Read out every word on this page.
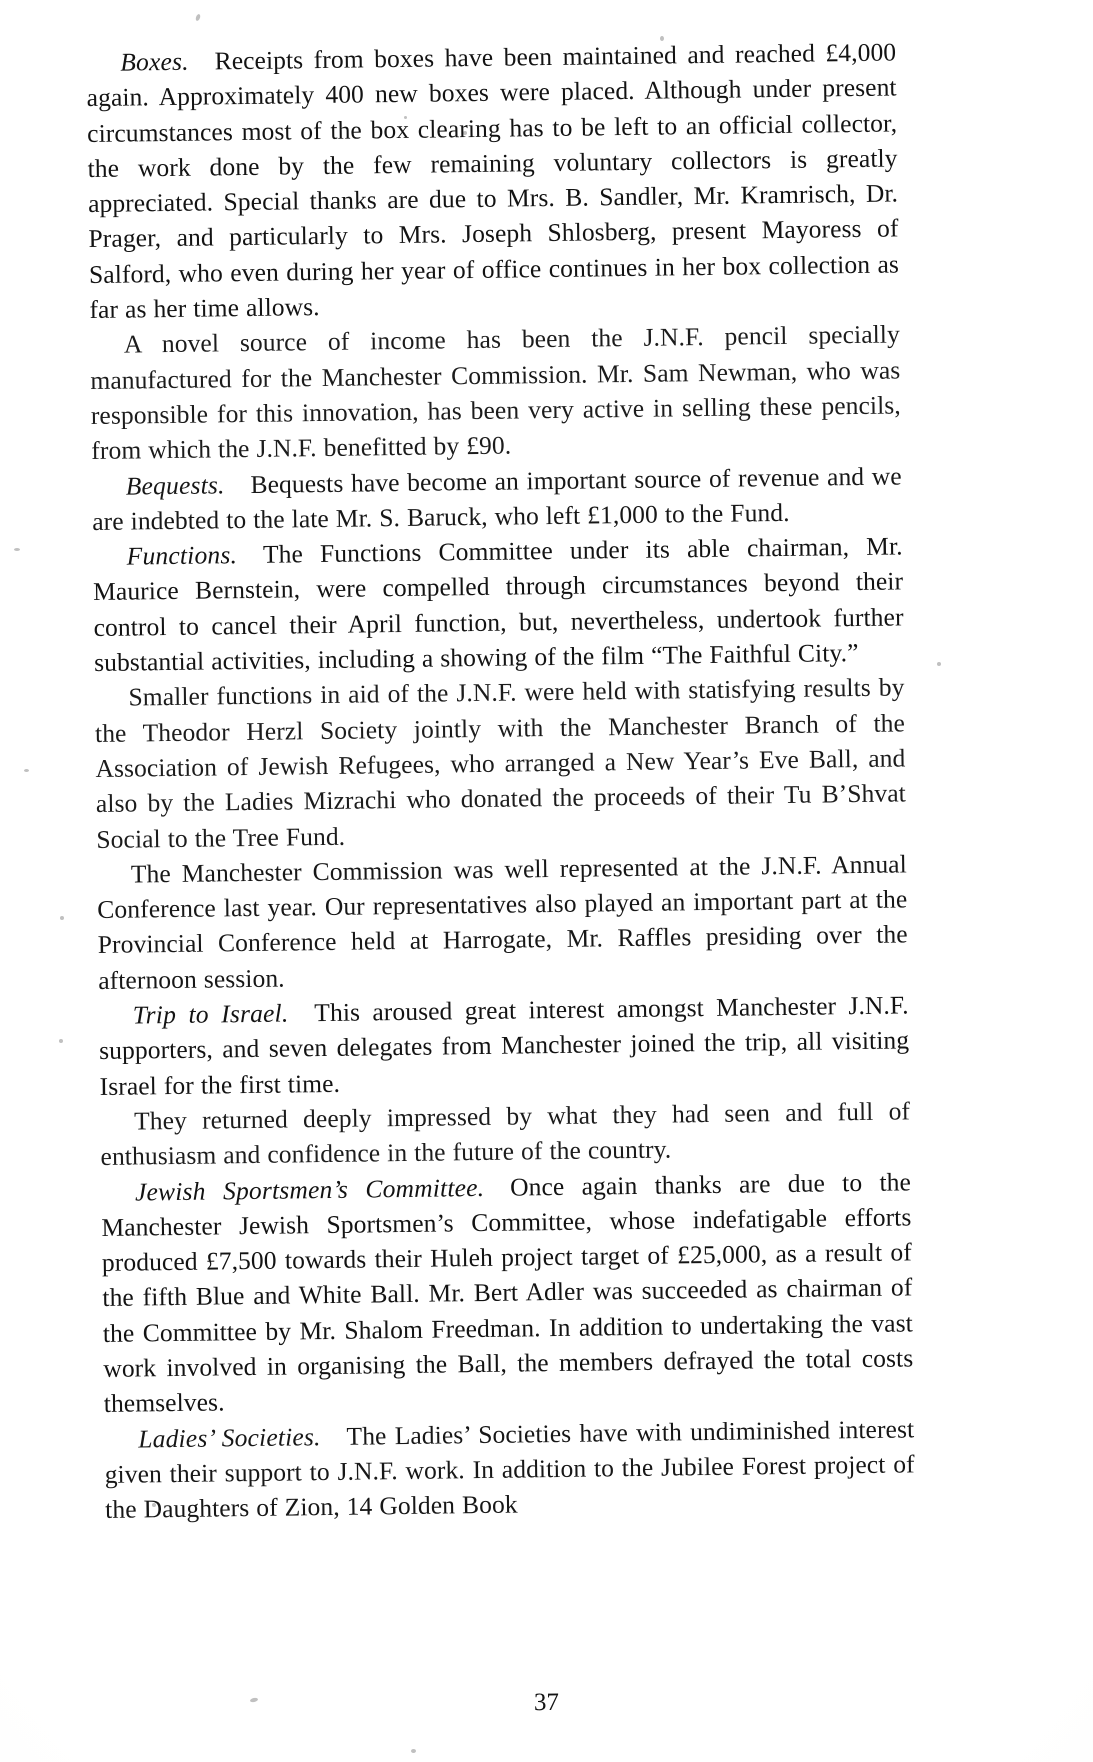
Boxes.  Receipts from boxes have been maintained and reached £4,000 again. Approximately 400 new boxes were placed. Although under present circumstances most of the box clearing has to be left to an official collector, the work done by the few remaining voluntary collectors is greatly appreciated. Special thanks are due to Mrs. B. Sandler, Mr. Kramrisch, Dr. Prager, and particularly to Mrs. Joseph Shlosberg, present Mayoress of Salford, who even during her year of office continues in her box collection as far as her time allows.

A novel source of income has been the J.N.F. pencil specially manufactured for the Manchester Commission. Mr. Sam Newman, who was responsible for this innovation, has been very active in selling these pencils, from which the J.N.F. benefitted by £90.

Bequests.  Bequests have become an important source of revenue and we are indebted to the late Mr. S. Baruck, who left £1,000 to the Fund.

Functions.  The Functions Committee under its able chairman, Mr. Maurice Bernstein, were compelled through circumstances beyond their control to cancel their April function, but, nevertheless, undertook further substantial activities, including a showing of the film “The Faithful City.”

Smaller functions in aid of the J.N.F. were held with statisfying results by the Theodor Herzl Society jointly with the Manchester Branch of the Association of Jewish Refugees, who arranged a New Year’s Eve Ball, and also by the Ladies Mizrachi who donated the proceeds of their Tu B’Shvat Social to the Tree Fund.

The Manchester Commission was well represented at the J.N.F. Annual Conference last year. Our representatives also played an important part at the Provincial Conference held at Harrogate, Mr. Raffles presiding over the afternoon session.

Trip to Israel.  This aroused great interest amongst Manchester J.N.F. supporters, and seven delegates from Manchester joined the trip, all visiting Israel for the first time.

They returned deeply impressed by what they had seen and full of enthusiasm and confidence in the future of the country.

Jewish Sportsmen’s Committee.  Once again thanks are due to the Manchester Jewish Sportsmen’s Committee, whose indefatigable efforts produced £7,500 towards their Huleh project target of £25,000, as a result of the fifth Blue and White Ball. Mr. Bert Adler was succeeded as chairman of the Committee by Mr. Shalom Freedman. In addition to undertaking the vast work involved in organising the Ball, the members defrayed the total costs themselves.

Ladies’ Societies.  The Ladies’ Societies have with undiminished interest given their support to J.N.F. work. In addition to the Jubilee Forest project of the Daughters of Zion, 14 Golden Book

37
